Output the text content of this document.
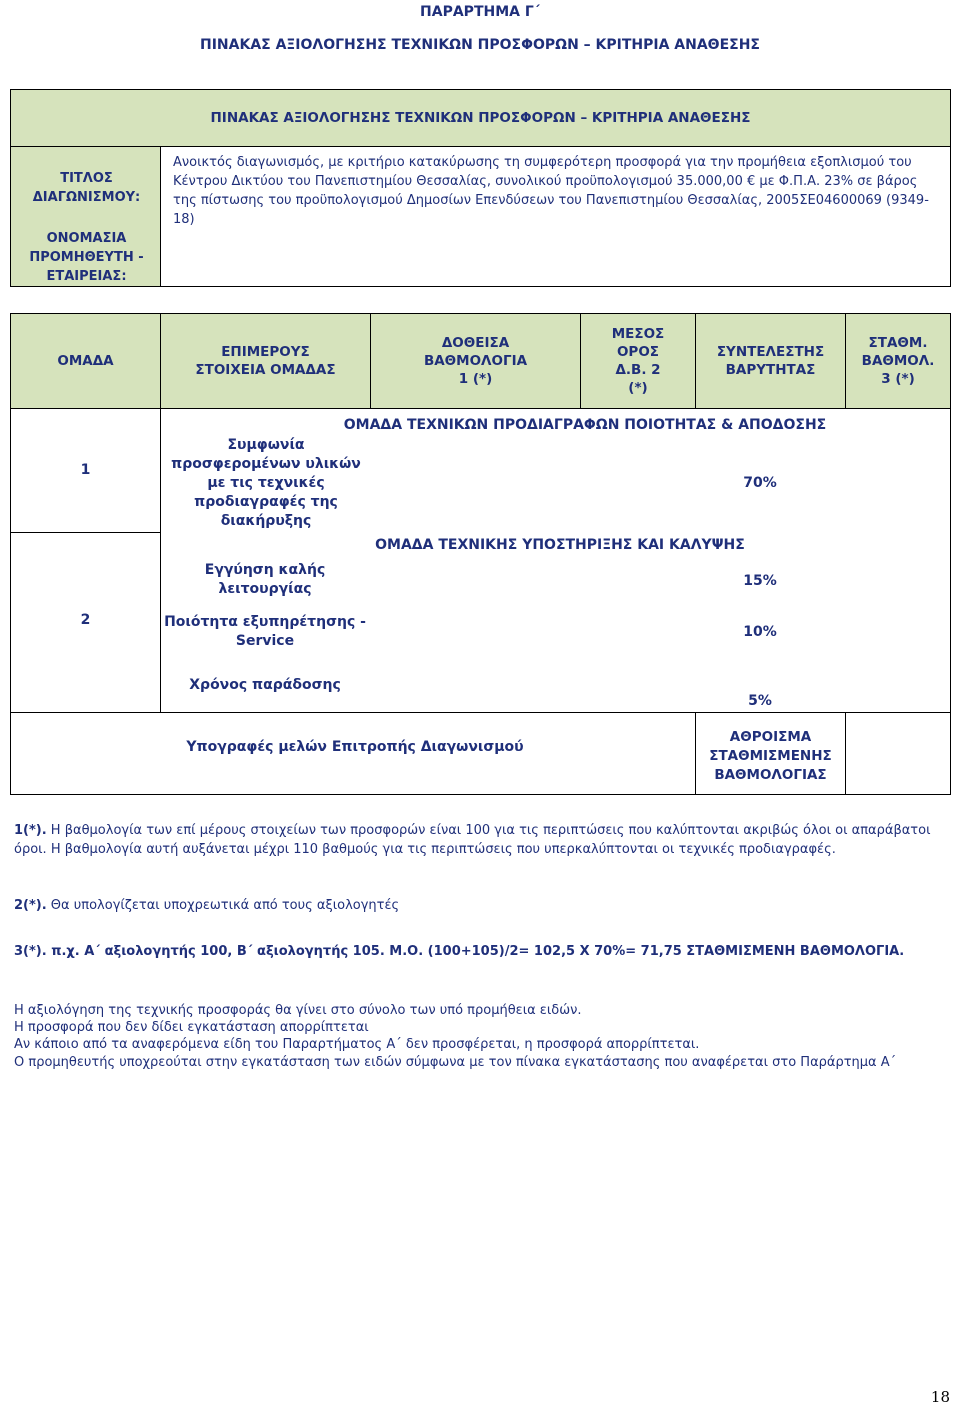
ΠΑΡΑΡΤΗΜΑ Γ΄
ΠΙΝΑΚΑΣ ΑΞΙΟΛΟΓΗΣΗΣ ΤΕΧΝΙΚΩΝ ΠΡΟΣΦΟΡΩΝ – ΚΡΙΤΗΡΙΑ ΑΝΑΘΕΣΗΣ
ΠΙΝΑΚΑΣ ΑΞΙΟΛΟΓΗΣΗΣ ΤΕΧΝΙΚΩΝ ΠΡΟΣΦΟΡΩΝ – ΚΡΙΤΗΡΙΑ ΑΝΑΘΕΣΗΣ
ΤΙΤΛΟΣ ΔΙΑΓΩΝΙΣΜΟΥ:
ΟΝΟΜΑΣΙΑ ΠΡΟΜΗΘΕΥΤΗ - ΕΤΑΙΡΕΙΑΣ:
Ανοικτός διαγωνισμός, με κριτήριο κατακύρωσης τη συμφερότερη προσφορά για την προμήθεια εξοπλισμού του Κέντρου Δικτύου του Πανεπιστημίου Θεσσαλίας, συνολικού προϋπολογισμού 35.000,00 € με Φ.Π.Α. 23% σε βάρος της πίστωσης του προϋπολογισμού Δημοσίων Επενδύσεων του Πανεπιστημίου Θεσσαλίας, 2005ΣΕ04600069 (9349-18)
ΟΜΑΔΑ
ΕΠΙΜΕΡΟΥΣ ΣΤΟΙΧΕΙΑ ΟΜΑΔΑΣ
ΔΟΘΕΙΣΑ ΒΑΘΜΟΛΟΓΙΑ 1 (*)
ΜΕΣΟΣ ΟΡΟΣ Δ.Β. 2 (*)
ΣΥΝΤΕΛΕΣΤΗΣ ΒΑΡΥΤΗΤΑΣ
ΣΤΑΘΜ. ΒΑΘΜΟΛ. 3 (*)
1
ΟΜΑΔΑ ΤΕΧΝΙΚΩΝ ΠΡΟΔΙΑΓΡΑΦΩΝ ΠΟΙΟΤΗΤΑΣ & ΑΠΟΔΟΣΗΣ
Συμφωνία προσφερομένων υλικών με τις τεχνικές προδιαγραφές της διακήρυξης
70%
2
ΟΜΑΔΑ ΤΕΧΝΙΚΗΣ ΥΠΟΣΤΗΡΙΞΗΣ ΚΑΙ ΚΑΛΥΨΗΣ
Εγγύηση καλής λειτουργίας
15%
Ποιότητα εξυπηρέτησης - Service
10%
Χρόνος παράδοσης
5%
Υπογραφές μελών Επιτροπής Διαγωνισμού
ΑΘΡΟΙΣΜΑ ΣΤΑΘΜΙΣΜΕΝΗΣ ΒΑΘΜΟΛΟΓΙΑΣ
1(*). Η βαθμολογία των επί μέρους στοιχείων των προσφορών είναι 100 για τις περιπτώσεις που καλύπτονται ακριβώς όλοι οι απαράβατοι όροι. Η βαθμολογία αυτή αυξάνεται μέχρι 110 βαθμούς για τις περιπτώσεις που υπερκαλύπτονται οι τεχνικές προδιαγραφές.
2(*). Θα υπολογίζεται υποχρεωτικά από τους αξιολογητές
3(*). π.χ. Α΄ αξιολογητής 100, Β΄ αξιολογητής 105. Μ.Ο. (100+105)/2= 102,5 Χ 70%= 71,75 ΣΤΑΘΜΙΣΜΕΝΗ ΒΑΘΜΟΛΟΓΙΑ.
Η αξιολόγηση της τεχνικής προσφοράς θα γίνει στο σύνολο των υπό προμήθεια ειδών.
Η προσφορά που δεν δίδει εγκατάσταση απορρίπτεται
Αν κάποιο από τα αναφερόμενα είδη του Παραρτήματος Α΄ δεν προσφέρεται, η προσφορά απορρίπτεται.
Ο προμηθευτής υποχρεούται στην εγκατάσταση των ειδών σύμφωνα με τον πίνακα εγκατάστασης που αναφέρεται στο Παράρτημα Α΄
18
